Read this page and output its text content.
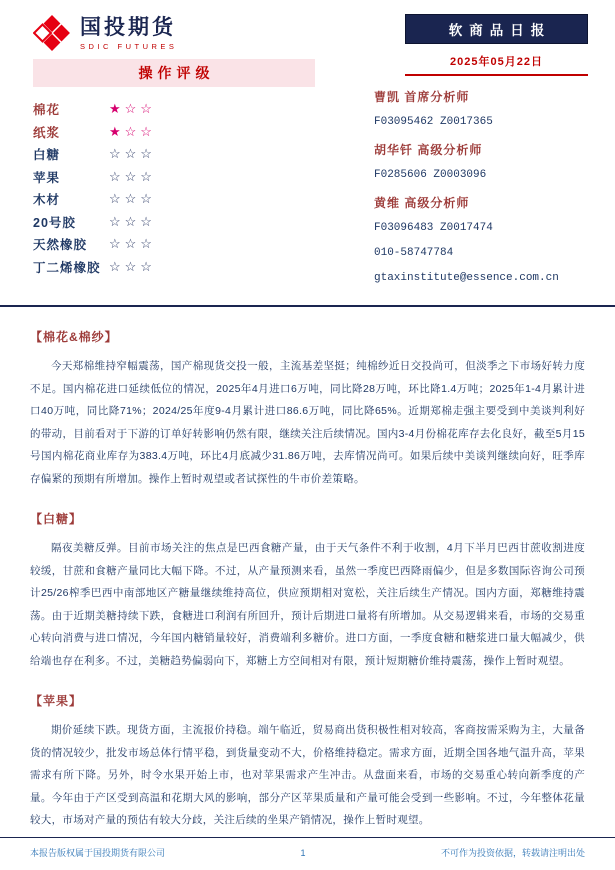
国投期货
SDIC FUTURES
软商品日报
2025年05月22日
操作评级
棉花	★☆☆
纸浆	★☆☆
白糖	☆☆☆
苹果	☆☆☆
木材	☆☆☆
20号胶	☆☆☆
天然橡胶	☆☆☆
丁二烯橡胶 ☆☆☆
曹凯 首席分析师
F03095462 Z0017365
胡华钎 高级分析师
F0285606 Z0003096
黄维 高级分析师
F03096483 Z0017474
010-58747784
gtaxinstitute@essence.com.cn
【棉花&棉纱】

今天郑棉维持窄幅震荡，国产棉现货交投一般，主流基差坚挺；纯棉纱近日交投尚可，但淡季之下市场好转力度不足。国内棉花进口延续低位的情况，2025年4月进口6万吨，同比降28万吨，环比降1.4万吨；2025年1-4月累计进口40万吨，同比降71%；2024/25年度9-4月累计进口86.6万吨，同比降65%。近期郑棉走强主要受到中美谈判利好的带动，目前看对于下游的订单好转影响仍然有限，继续关注后续情况。国内3-4月份棉花库存去化良好，截至5月15号国内棉花商业库存为383.4万吨，环比4月底减少31.86万吨，去库情况尚可。如果后续中美谈判继续向好，旺季库存偏紧的预期有所增加。操作上暂时观望或者试探性的牛市价差策略。

【白糖】

隔夜美糖反弹。目前市场关注的焦点是巴西食糖产量，由于天气条件不利于收割，4月下半月巴西甘蔗收割进度较缓，甘蔗和食糖产量同比大幅下降。不过，从产量预测来看，虽然一季度巴西降雨偏少，但是多数国际咨询公司预计25/26榨季巴西中南部地区产糖量继续维持高位，供应预期相对宽松，关注后续生产情况。国内方面，郑糖维持震荡。由于近期美糖持续下跌，食糖进口利润有所回升，预计后期进口量将有所增加。从交易逻辑来看，市场的交易重心转向消费与进口情况，今年国内糖销量较好，消费端利多糖价。进口方面，一季度食糖和糖浆进口量大幅减少，供给端也存在利多。不过，美糖趋势偏弱向下，郑糖上方空间相对有限，预计短期糖价维持震荡，操作上暂时观望。

【苹果】

期价延续下跌。现货方面，主流报价持稳。端午临近，贸易商出货积极性相对较高，客商按需采购为主，大量备货的情况较少，批发市场总体行情平稳，到货量变动不大，价格维持稳定。需求方面，近期全国各地气温升高，苹果需求有所下降。另外，时令水果开始上市，也对苹果需求产生冲击。从盘面来看，市场的交易重心转向新季度的产量。今年由于产区受到高温和花期大风的影响，部分产区苹果质量和产量可能会受到一些影响。不过，今年整体花量较大，市场对产量的预估有较大分歧，关注后续的坐果产销情况，操作上暂时观望。

本报告版权属于国投期货有限公司	1	不可作为投资依据，转载请注明出处
